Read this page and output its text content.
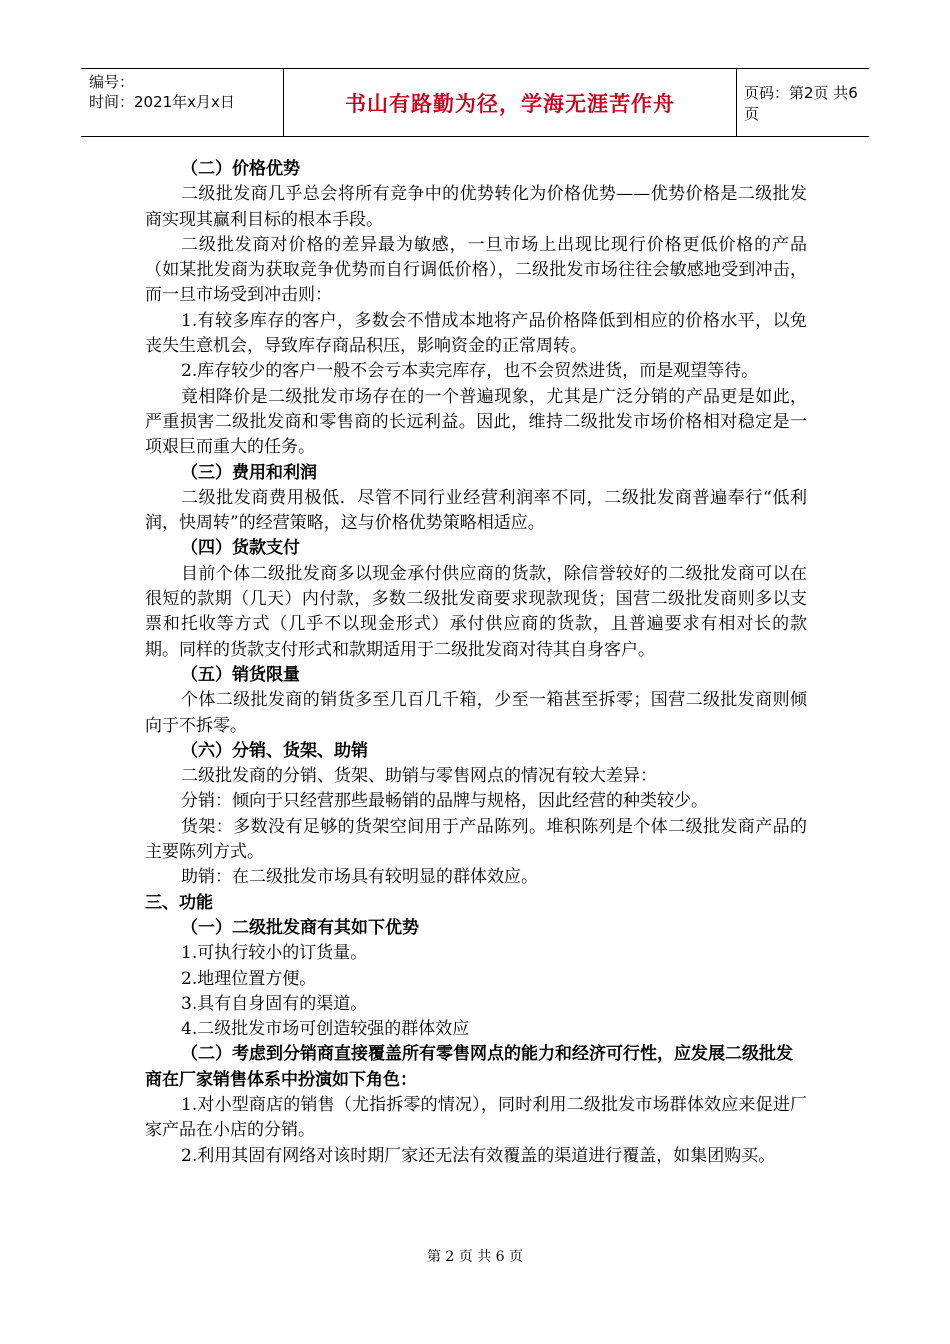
编号：
时间：2021年x月x日	书山有路勤为径，学海无涯苦作舟	页码：第2页 共6页

（二）价格优势

二级批发商几乎总会将所有竞争中的优势转化为价格优势——优势价格是二级批发商实现其赢利目标的根本手段。

二级批发商对价格的差异最为敏感，一旦市场上出现比现行价格更低价格的产品（如某批发商为获取竞争优势而自行调低价格），二级批发市场往往会敏感地受到冲击，而一旦市场受到冲击则：

1.有较多库存的客户，多数会不惜成本地将产品价格降低到相应的价格水平，以免丧失生意机会，导致库存商品积压，影响资金的正常周转。

2.库存较少的客户一般不会亏本卖完库存，也不会贸然进货，而是观望等待。

竟相降价是二级批发市场存在的一个普遍现象，尤其是广泛分销的产品更是如此，严重损害二级批发商和零售商的长远利益。因此，维持二级批发市场价格相对稳定是一项艰巨而重大的任务。

（三）费用和利润

二级批发商费用极低．尽管不同行业经营利润率不同，二级批发商普遍奉行“低利润，快周转”的经营策略，这与价格优势策略相适应。

（四）货款支付

目前个体二级批发商多以现金承付供应商的货款，除信誉较好的二级批发商可以在很短的款期（几天）内付款，多数二级批发商要求现款现货；国营二级批发商则多以支票和托收等方式（几乎不以现金形式）承付供应商的货款，且普遍要求有相对长的款期。同样的货款支付形式和款期适用于二级批发商对待其自身客户。

（五）销货限量

个体二级批发商的销货多至几百几千箱，少至一箱甚至拆零；国营二级批发商则倾向于不拆零。

（六）分销、货架、助销

二级批发商的分销、货架、助销与零售网点的情况有较大差异：

分销：倾向于只经营那些最畅销的品牌与规格，因此经营的种类较少。

货架：多数没有足够的货架空间用于产品陈列。堆积陈列是个体二级批发商产品的主要陈列方式。

助销：在二级批发市场具有较明显的群体效应。

三、功能

（一）二级批发商有其如下优势

1.可执行较小的订货量。

2.地理位置方便。

3.具有自身固有的渠道。

4.二级批发市场可创造较强的群体效应

（二）考虑到分销商直接覆盖所有零售网点的能力和经济可行性，应发展二级批发商在厂家销售体系中扮演如下角色：

1.对小型商店的销售（尤指拆零的情况），同时利用二级批发市场群体效应来促进厂家产品在小店的分销。

2.利用其固有网络对该时期厂家还无法有效覆盖的渠道进行覆盖，如集团购买。

第 2 页 共 6 页
